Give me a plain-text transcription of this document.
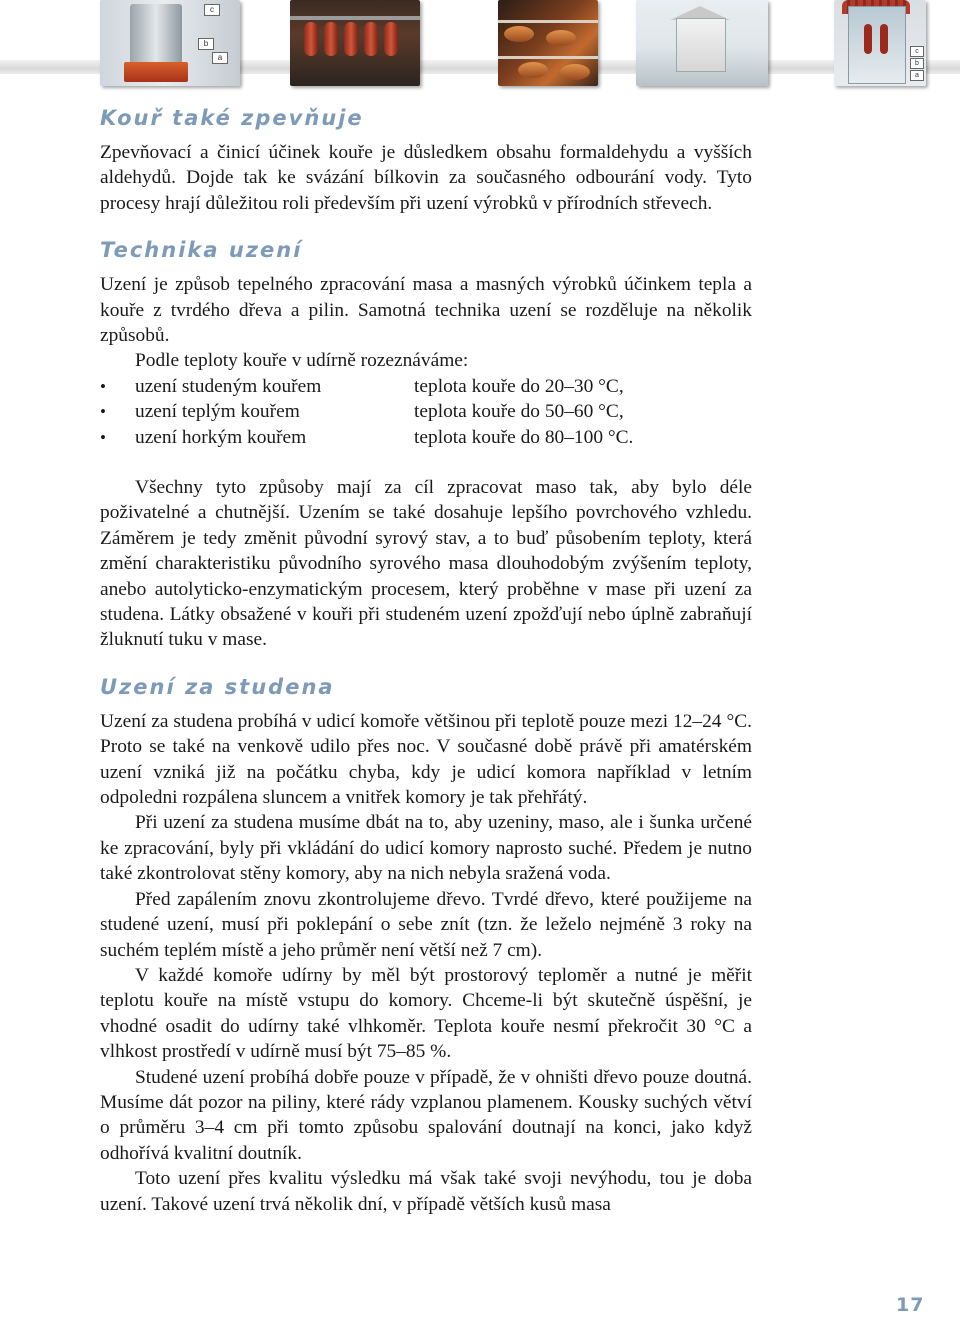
c
b
a
c
b
a
Kouř také zpevňuje

Zpevňovací a činicí účinek kouře je důsledkem obsahu formaldehydu a vyšších aldehydů. Dojde tak ke svázání bílkovin za současného odbourání vody. Tyto procesy hrají důležitou roli především při uzení výrobků v přírodních střevech.

Technika uzení

Uzení je způsob tepelného zpracování masa a masných výrobků účinkem tepla a kouře z tvrdého dřeva a pilin. Samotná technika uzení se rozděluje na několik způsobů.

Podle teploty kouře v udírně rozeznáváme:

•
uzení studeným kouřem	teplota kouře do 20–30 °C,
•
uzení teplým kouřem	teplota kouře do 50–60 °C,
•
uzení horkým kouřem	teplota kouře do 80–100 °C.

Všechny tyto způsoby mají za cíl zpracovat maso tak, aby bylo déle poživatelné a chutnější. Uzením se také dosahuje lepšího povrchového vzhledu. Záměrem je tedy změnit původní syrový stav, a to buď působením teploty, která změní charakteristiku původního syrového masa dlouhodobým zvýšením teploty, anebo autolyticko-enzymatickým procesem, který proběhne v mase při uzení za studena. Látky obsažené v kouři při studeném uzení zpožďují nebo úplně zabraňují žluknutí tuku v mase.

Uzení za studena

Uzení za studena probíhá v udicí komoře většinou při teplotě pouze mezi 12–24 °C. Proto se také na venkově udilo přes noc. V současné době právě při amatérském uzení vzniká již na počátku chyba, kdy je udicí komora například v letním odpoledni rozpálena sluncem a vnitřek komory je tak přehřátý.

Při uzení za studena musíme dbát na to, aby uzeniny, maso, ale i šunka určené ke zpracování, byly při vkládání do udicí komory naprosto suché. Předem je nutno také zkontrolovat stěny komory, aby na nich nebyla sražená voda.

Před zapálením znovu zkontrolujeme dřevo. Tvrdé dřevo, které použijeme na studené uzení, musí při poklepání o sebe znít (tzn. že leželo nejméně 3 roky na suchém teplém místě a jeho průměr není větší než 7 cm).

V každé komoře udírny by měl být prostorový teploměr a nutné je měřit teplotu kouře na místě vstupu do komory. Chceme-li být skutečně úspěšní, je vhodné osadit do udírny také vlhkoměr. Teplota kouře nesmí překročit 30 °C a vlhkost prostředí v udírně musí být 75–85 %.

Studené uzení probíhá dobře pouze v případě, že v ohništi dřevo pouze doutná. Musíme dát pozor na piliny, které rády vzplanou plamenem. Kousky suchých větví o průměru 3–4 cm při tomto způsobu spalování doutnají na konci, jako když odhořívá kvalitní doutník.

Toto uzení přes kvalitu výsledku má však také svoji nevýhodu, tou je doba uzení. Takové uzení trvá několik dní, v případě větších kusů masa

17
